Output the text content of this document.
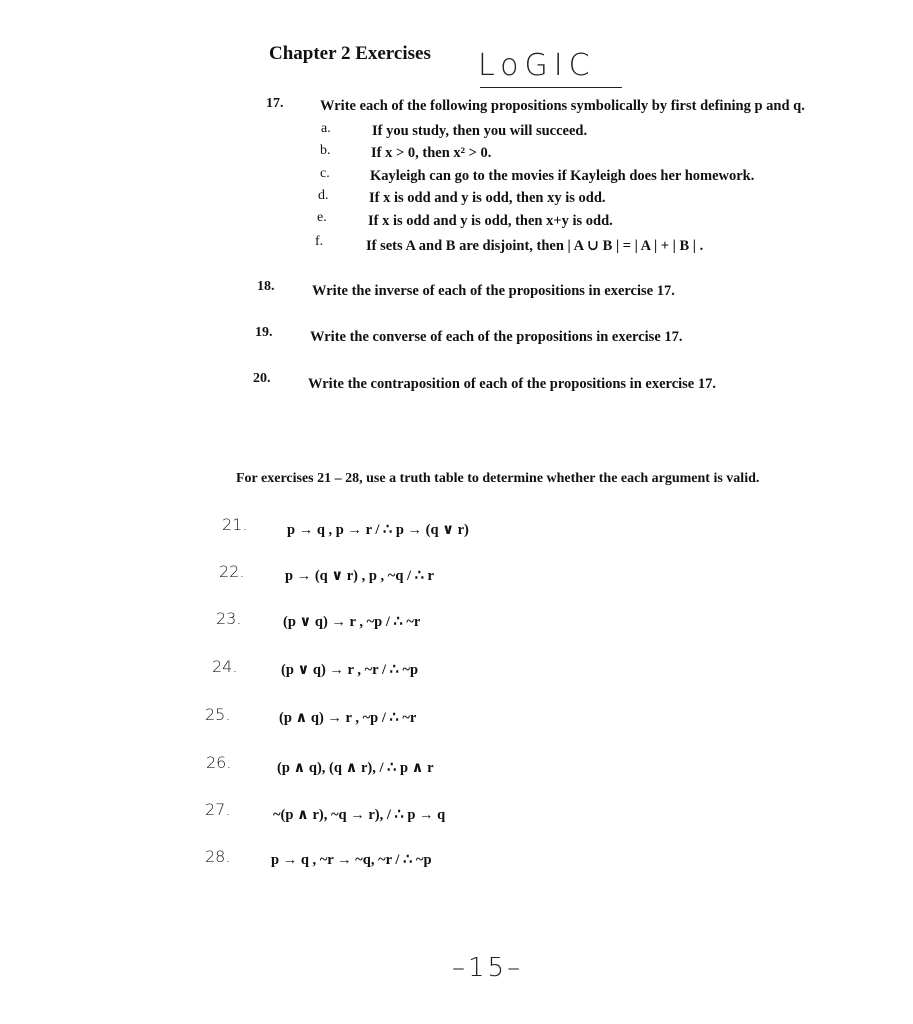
Chapter 2 Exercises LoGIC
17.	Write each of the following propositions symbolically by first defining p and q.
a.	If you study, then you will succeed.
b.	If x > 0, then x² > 0.
c.	Kayleigh can go to the movies if Kayleigh does her homework.
d.	If x is odd and y is odd, then xy is odd.
e.	If x is odd and y is odd, then x+y is odd.
f.	If sets A and B are disjoint, then | A ∪ B | = | A | + | B | .
18.	Write the inverse of each of the propositions in exercise 17.
19.	Write the converse of each of the propositions in exercise 17.
20.	Write the contraposition of each of the propositions in exercise 17.
For exercises 21 – 28, use a truth table to determine whether the each argument is valid.
21.	p → q , p → r / ∴ p → (q ∨ r)
22.	p → (q ∨ r) , p , ~q / ∴ r
23.	(p ∨ q) → r , ~p / ∴ ~r
24.	(p ∨ q) → r , ~r / ∴ ~p
25.	(p ∧ q) → r , ~p / ∴ ~r
26.	(p ∧ q), (q ∧ r), / ∴ p ∧ r
27.	~(p ∧ r), ~q → r), / ∴ p → q
28.	p → q , ~r → ~q, ~r / ∴ ~p
–15–
